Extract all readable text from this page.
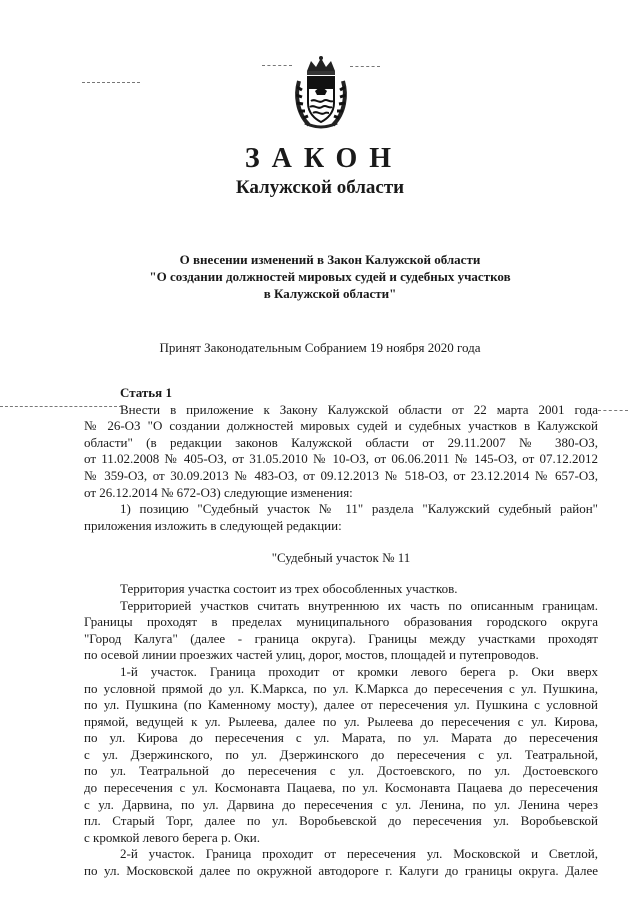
ЗАКОН
Калужской области
О внесении изменений в Закон Калужской области
"О создании должностей мировых судей и судебных участков
в Калужской области"
Принят Законодательным Собранием 19 ноября 2020 года
Статья 1
Внести в приложение к Закону Калужской области от 22 марта 2001 года
№ 26-ОЗ "О создании должностей мировых судей и судебных участков в Калужской
области" (в редакции законов Калужской области от 29.11.2007 № 380-ОЗ,
от 11.02.2008 № 405-ОЗ, от 31.05.2010 № 10-ОЗ, от 06.06.2011 № 145-ОЗ, от 07.12.2012
№ 359-ОЗ, от 30.09.2013 № 483-ОЗ, от 09.12.2013 № 518-ОЗ, от 23.12.2014 № 657-ОЗ,
от 26.12.2014 № 672-ОЗ) следующие изменения:
1) позицию "Судебный участок № 11" раздела "Калужский судебный район"
приложения изложить в следующей редакции:
"Судебный участок № 11
Территория участка состоит из трех обособленных участков.
Территорией участков считать внутреннюю их часть по описанным границам.
Границы проходят в пределах муниципального образования городского округа
"Город Калуга" (далее - граница округа). Границы между участками проходят
по осевой линии проезжих частей улиц, дорог, мостов, площадей и путепроводов.
1-й участок. Граница проходит от кромки левого берега р. Оки вверх
по условной прямой до ул. К.Маркса, по ул. К.Маркса до пересечения с ул. Пушкина,
по ул. Пушкина (по Каменному мосту), далее от пересечения ул. Пушкина с условной
прямой, ведущей к ул. Рылеева, далее по ул. Рылеева до пересечения с ул. Кирова,
по ул. Кирова до пересечения с ул. Марата, по ул. Марата до пересечения
с ул. Дзержинского, по ул. Дзержинского до пересечения с ул. Театральной,
по ул. Театральной до пересечения с ул. Достоевского, по ул. Достоевского
до пересечения с ул. Космонавта Пацаева, по ул. Космонавта Пацаева до пересечения
с ул. Дарвина, по ул. Дарвина до пересечения с ул. Ленина, по ул. Ленина через
пл. Старый Торг, далее по ул. Воробьевской до пересечения ул. Воробьевской
с кромкой левого берега р. Оки.
2-й участок. Граница проходит от пересечения ул. Московской и Светлой,
по ул. Московской далее по окружной автодороге г. Калуги до границы округа. Далее
